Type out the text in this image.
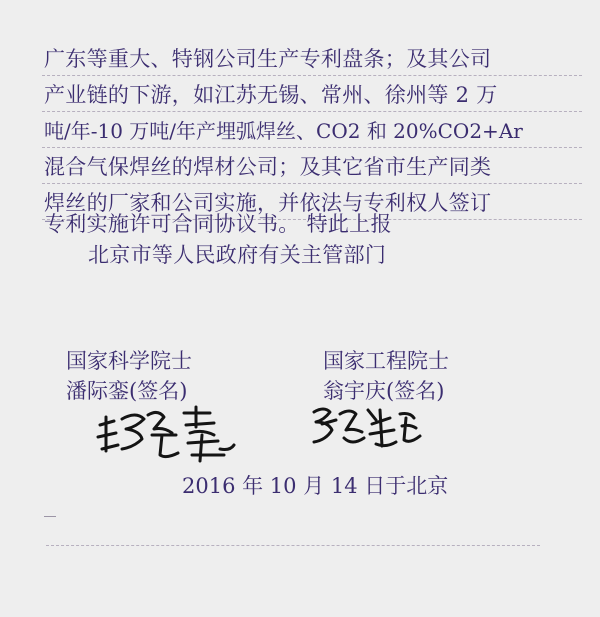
广东等重大、特钢公司生产专利盘条；及其公司
产业链的下游，如江苏无锡、常州、徐州等 2 万
吨/年-10 万吨/年产埋弧焊丝、CO2 和 20%CO2+Ar
混合气保焊丝的焊材公司；及其它省市生产同类
焊丝的厂家和公司实施，并依法与专利权人签订
专利实施许可合同协议书。 特此上报
北京市等人民政府有关主管部门
国家科学院士
潘际銮(签名)
国家工程院士
翁宇庆(签名)
2016 年 10 月 14 日于北京
